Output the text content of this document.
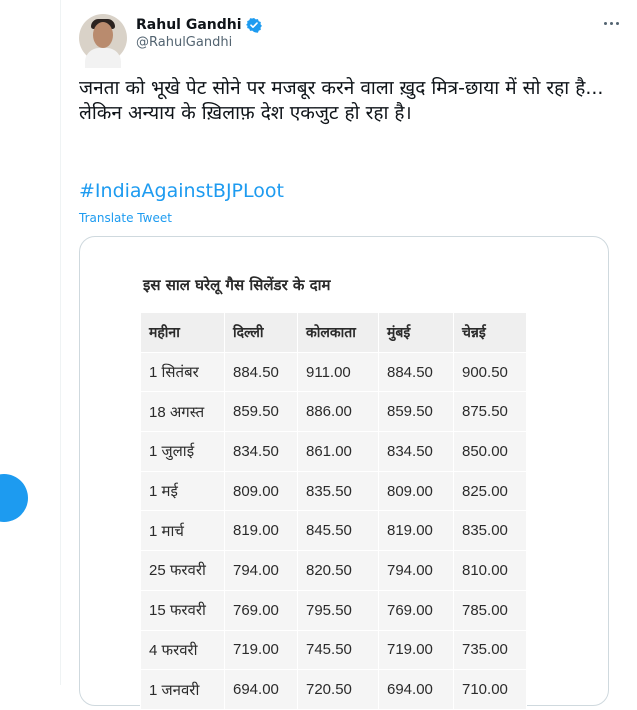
Rahul Gandhi
@RahulGandhi

जनता को भूखे पेट सोने पर मजबूर करने वाला ख़ुद मित्र-छाया में सो रहा है...

लेकिन अन्याय के ख़िलाफ़ देश एकजुट हो रहा है।

#IndiaAgainstBJPLoot
Translate Tweet
इस साल घरेलू गैस सिलेंडर के दाम
महीना	दिल्ली	कोलकाता	मुंबई	चेन्नई
1 सितंबर	884.50	911.00	884.50	900.50
18 अगस्त	859.50	886.00	859.50	875.50
1 जुलाई	834.50	861.00	834.50	850.00
1 मई	809.00	835.50	809.00	825.00
1 मार्च	819.00	845.50	819.00	835.00
25 फरवरी	794.00	820.50	794.00	810.00
15 फरवरी	769.00	795.50	769.00	785.00
4 फरवरी	719.00	745.50	719.00	735.00
1 जनवरी	694.00	720.50	694.00	710.00
